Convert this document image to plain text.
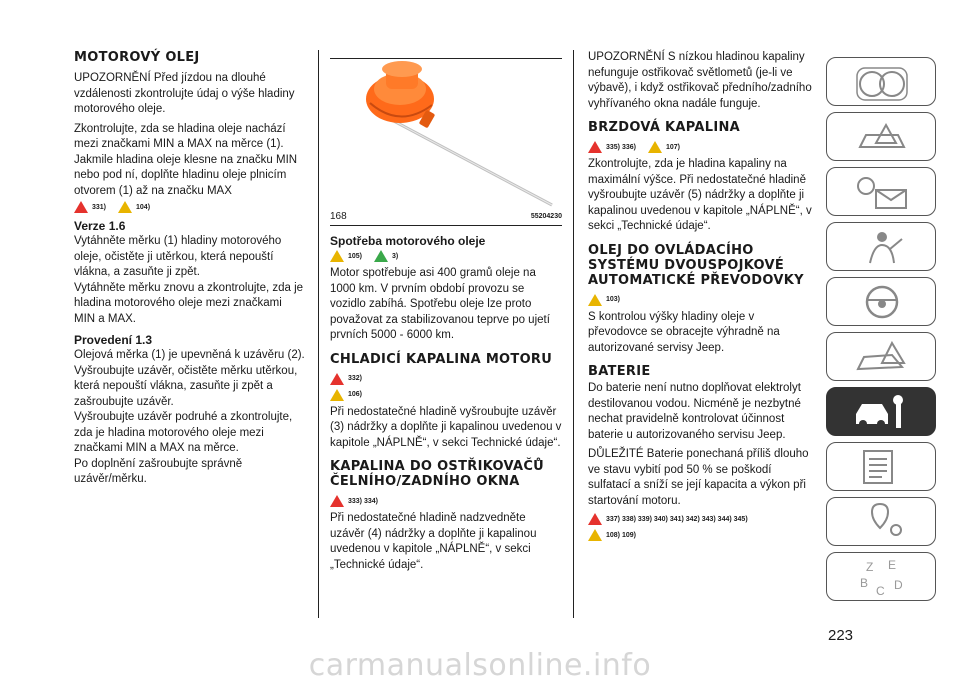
MOTOROVÝ OLEJ

UPOZORNĚNÍ Před jízdou na dlouhé vzdálenosti zkontrolujte údaj o výše hladiny motorového oleje.

Zkontrolujte, zda se hladina oleje nachází mezi značkami MIN a MAX na měrce (1).

Jakmile hladina oleje klesne na značku MIN nebo pod ní, doplňte hladinu oleje plnicím otvorem (1) až na značku MAX

331)	104)
Verze 1.6

Vytáhněte měrku (1) hladiny motorového oleje, očistěte ji utěrkou, která nepouští vlákna, a zasuňte ji zpět.

Vytáhněte měrku znovu a zkontrolujte, zda je hladina motorového oleje mezi značkami MIN a MAX.

Provedení 1.3

Olejová měrka (1) je upevněná k uzávěru (2). Vyšroubujte uzávěr, očistěte měrku utěrkou, která nepouští vlákna, zasuňte ji zpět a zašroubujte uzávěr.

Vyšroubujte uzávěr podruhé a zkontrolujte, zda je hladina motorového oleje mezi značkami MIN a MAX na měrce.

Po doplnění zašroubujte správně uzávěr/měrku.

168	55204230
Spotřeba motorového oleje
105)	3)

Motor spotřebuje asi 400 gramů oleje na 1000 km. V prvním období provozu se vozidlo zabíhá. Spotřebu oleje lze proto považovat za stabilizovanou teprve po ujetí prvních 5000 - 6000 km.

CHLADICÍ KAPALINA MOTORU
332)
106)

Při nedostatečné hladině vyšroubujte uzávěr (3) nádržky a doplňte ji kapalinou uvedenou v kapitole „NÁPLNĚ“, v sekci Technické údaje“.

KAPALINA DO OSTŘIKOVAČŮ ČELNÍHO/ZADNÍHO OKNA
333) 334)

Při nedostatečné hladině nadzvedněte uzávěr (4) nádržky a doplňte ji kapalinou uvedenou v kapitole „NÁPLNĚ“, v sekci „Technické údaje“.

UPOZORNĚNÍ S nízkou hladinou kapaliny nefunguje ostřikovač světlometů (je-li ve výbavě), i když ostřikovač předního/zadního vyhřívaného okna nadále funguje.

BRZDOVÁ KAPALINA
335) 336)	107)

Zkontrolujte, zda je hladina kapaliny na maximální výšce. Při nedostatečné hladině vyšroubujte uzávěr (5) nádržky a doplňte ji kapalinou uvedenou v kapitole „NÁPLNĚ“, v sekci „Technické údaje“.

OLEJ DO OVLÁDACÍHO SYSTÉMU DVOUSPOJKOVÉ AUTOMATICKÉ PŘEVODOVKY
103)

S kontrolou výšky hladiny oleje v převodovce se obracejte výhradně na autorizované servisy Jeep.

BATERIE

Do baterie není nutno doplňovat elektrolyt destilovanou vodou. Nicméně je nezbytné nechat pravidelně kontrolovat účinnost baterie u autorizovaného servisu Jeep.

DŮLEŽITÉ Baterie ponechaná příliš dlouho ve stavu vybití pod 50 % se poškodí sulfatací a sníží se její kapacita a výkon při startování motoru.

337) 338) 339) 340) 341) 342) 343) 344) 345)
108) 109)
Z E
B
C D
223
carmanualsonline.info
